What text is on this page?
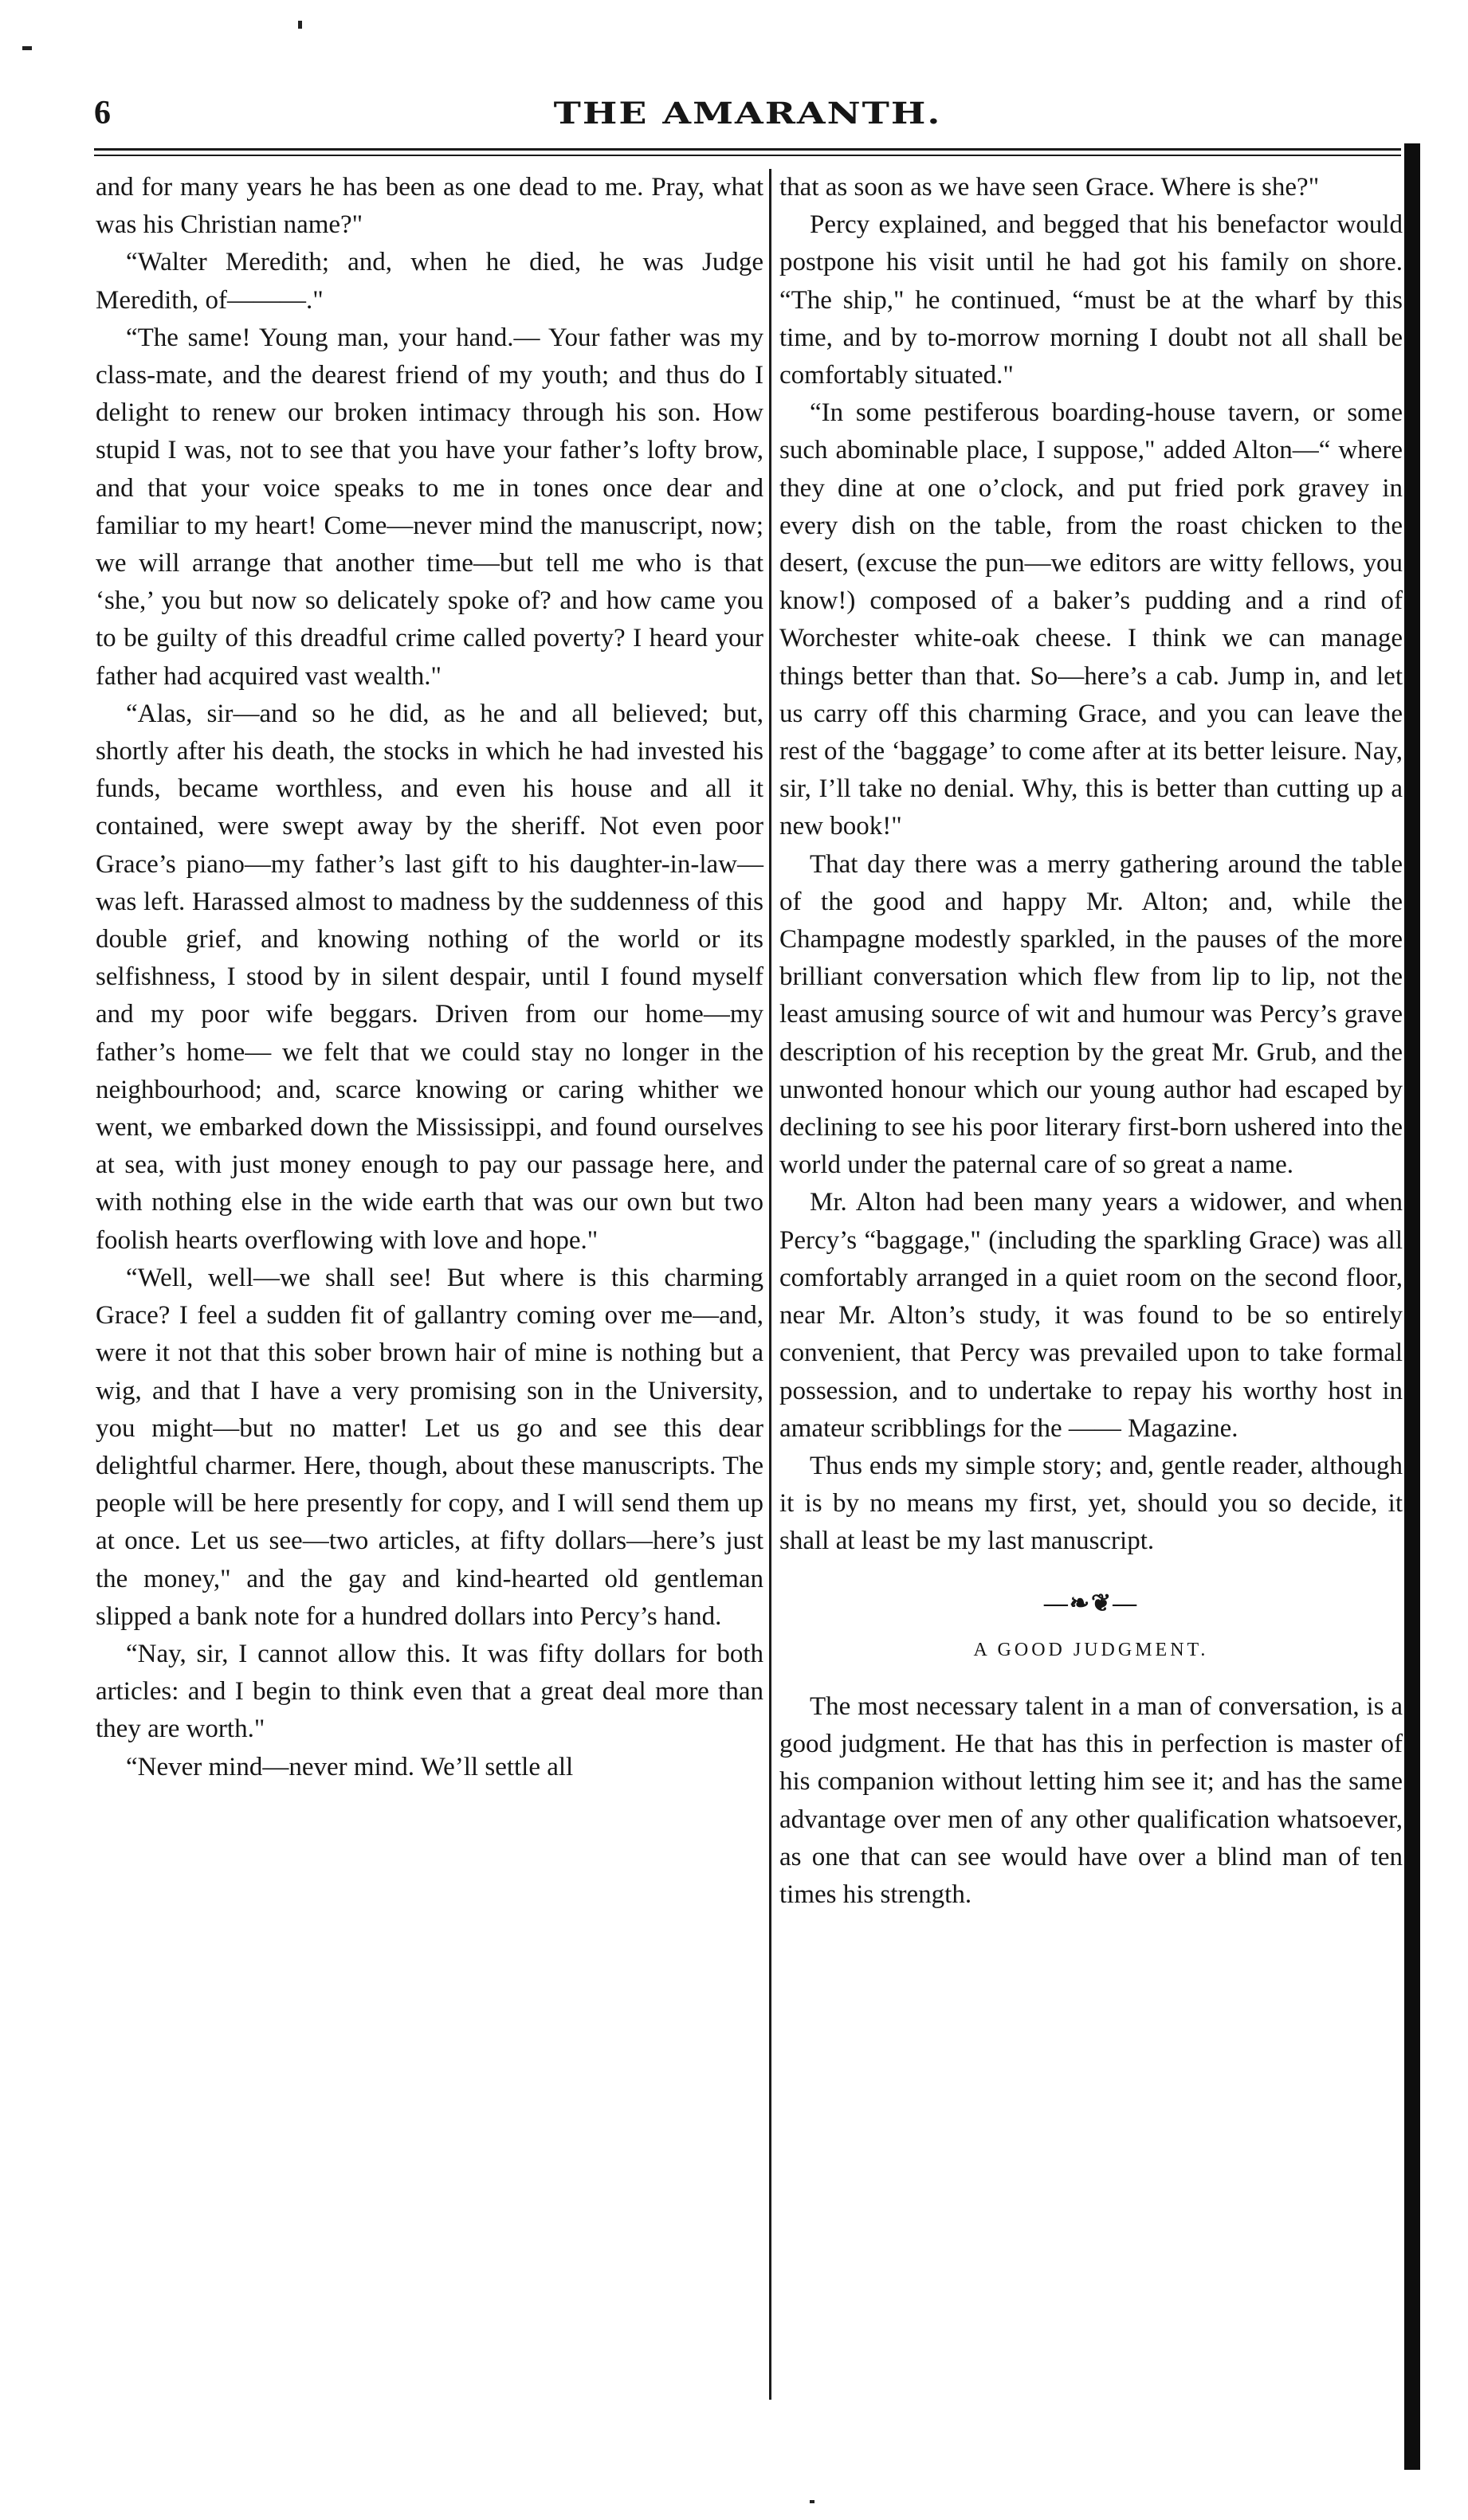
6	THE AMARANTH.

and for many years he has been as one dead to me. Pray, what was his Christian name?"

“Walter Meredith; and, when he died, he was Judge Meredith, of———."

“The same! Young man, your hand.— Your father was my class-mate, and the dearest friend of my youth; and thus do I delight to renew our broken intimacy through his son. How stupid I was, not to see that you have your father’s lofty brow, and that your voice speaks to me in tones once dear and familiar to my heart! Come—never mind the manuscript, now; we will arrange that another time—but tell me who is that ‘she,’ you but now so delicately spoke of? and how came you to be guilty of this dreadful crime called poverty? I heard your father had acquired vast wealth."

“Alas, sir—and so he did, as he and all believed; but, shortly after his death, the stocks in which he had invested his funds, became worthless, and even his house and all it contained, were swept away by the sheriff. Not even poor Grace’s piano—my father’s last gift to his daughter-in-law—was left. Harassed almost to madness by the suddenness of this double grief, and knowing nothing of the world or its selfishness, I stood by in silent despair, until I found myself and my poor wife beggars. Driven from our home—my father’s home— we felt that we could stay no longer in the neighbourhood; and, scarce knowing or caring whither we went, we embarked down the Mississippi, and found ourselves at sea, with just money enough to pay our passage here, and with nothing else in the wide earth that was our own but two foolish hearts overflowing with love and hope."

“Well, well—we shall see! But where is this charming Grace? I feel a sudden fit of gallantry coming over me—and, were it not that this sober brown hair of mine is nothing but a wig, and that I have a very promising son in the University, you might—but no matter! Let us go and see this dear delightful charmer. Here, though, about these manuscripts. The people will be here presently for copy, and I will send them up at once. Let us see—two articles, at fifty dollars—here’s just the money," and the gay and kind-hearted old gentleman slipped a bank note for a hundred dollars into Percy’s hand.

“Nay, sir, I cannot allow this. It was fifty dollars for both articles: and I begin to think even that a great deal more than they are worth."

“Never mind—never mind. We’ll settle all

that as soon as we have seen Grace. Where is she?"

Percy explained, and begged that his benefactor would postpone his visit until he had got his family on shore. “The ship," he continued, “must be at the wharf by this time, and by to-morrow morning I doubt not all shall be comfortably situated."

“In some pestiferous boarding-house tavern, or some such abominable place, I suppose," added Alton—“ where they dine at one o’clock, and put fried pork gravey in every dish on the table, from the roast chicken to the desert, (excuse the pun—we editors are witty fellows, you know!) composed of a baker’s pudding and a rind of Worchester white-oak cheese. I think we can manage things better than that. So—here’s a cab. Jump in, and let us carry off this charming Grace, and you can leave the rest of the ‘baggage’ to come after at its better leisure. Nay, sir, I’ll take no denial. Why, this is better than cutting up a new book!"

That day there was a merry gathering around the table of the good and happy Mr. Alton; and, while the Champagne modestly sparkled, in the pauses of the more brilliant conversation which flew from lip to lip, not the least amusing source of wit and humour was Percy’s grave description of his reception by the great Mr. Grub, and the unwonted honour which our young author had escaped by declining to see his poor literary first-born ushered into the world under the paternal care of so great a name.

Mr. Alton had been many years a widower, and when Percy’s “baggage," (including the sparkling Grace) was all comfortably arranged in a quiet room on the second floor, near Mr. Alton’s study, it was found to be so entirely convenient, that Percy was prevailed upon to take formal possession, and to undertake to repay his worthy host in amateur scribblings for the —— Magazine.

Thus ends my simple story; and, gentle reader, although it is by no means my first, yet, should you so decide, it shall at least be my last manuscript.

—❧❦—
A GOOD JUDGMENT.

The most necessary talent in a man of conversation, is a good judgment. He that has this in perfection is master of his companion without letting him see it; and has the same advantage over men of any other qualification whatsoever, as one that can see would have over a blind man of ten times his strength.
